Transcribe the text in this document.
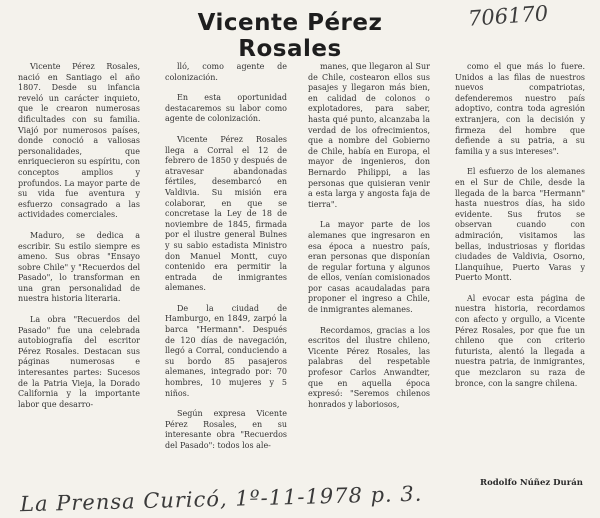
Vicente Pérez Rosales
706170

Vicente Pérez Rosales, nació en Santiago el año 1807. Desde su infancia reveló un carácter inquieto, que le crearon numerosas dificultades con su familia. Viajó por numerosos países, donde conoció a valiosas personalidades, que enriquecieron su espíritu, con conceptos amplios y profundos. La mayor parte de su vida fue aventura y esfuerzo consagrado a las actividades comerciales.

Maduro, se dedica a escribir. Su estilo siempre es ameno. Sus obras "Ensayo sobre Chile" y "Recuerdos del Pasado", lo transforman en una gran personalidad de nuestra historia literaria.

La obra "Recuerdos del Pasado" fue una celebrada autobiografía del escritor Pérez Rosales. Destacan sus páginas numerosas e interesantes partes: Sucesos de la Patria Vieja, la Dorado California y la importante labor que desarro-

lló, como agente de colonización.

En esta oportunidad destacaremos su labor como agente de colonización.

Vicente Pérez Rosales llega a Corral el 12 de febrero de 1850 y después de atravesar abandonadas fértiles, desembarcó en Valdivia. Su misión era colaborar, en que se concretase la Ley de 18 de noviembre de 1845, firmada por el ilustre general Bulnes y su sabio estadista Ministro don Manuel Montt, cuyo contenido era permitir la entrada de inmigrantes alemanes.

De la ciudad de Hamburgo, en 1849, zarpó la barca "Hermann". Después de 120 días de navegación, llegó a Corral, conduciendo a su bordo 85 pasajeros alemanes, integrado por: 70 hombres, 10 mujeres y 5 niños.

Según expresa Vicente Pérez Rosales, en su interesante obra "Recuerdos del Pasado": todos los ale-

manes, que llegaron al Sur de Chile, costearon ellos sus pasajes y llegaron más bien, en calidad de colonos o explotadores, para saber, hasta qué punto, alcanzaba la verdad de los ofrecimientos, que a nombre del Gobierno de Chile, había en Europa, el mayor de ingenieros, don Bernardo Philippi, a las personas que quisieran venir a esta larga y angosta faja de tierra".

La mayor parte de los alemanes que ingresaron en esa época a nuestro país, eran personas que disponían de regular fortuna y algunos de ellos, venían comisionados por casas acaudaladas para proponer el ingreso a Chile, de inmigrantes alemanes.

Recordamos, gracias a los escritos del ilustre chileno, Vicente Pérez Rosales, las palabras del respetable profesor Carlos Anwandter, que en aquella época expresó: "Seremos chilenos honrados y laboriosos,

como el que más lo fuere. Unidos a las filas de nuestros nuevos compatriotas, defenderemos nuestro país adoptivo, contra toda agresión extranjera, con la decisión y firmeza del hombre que defiende a su patria, a su familia y a sus intereses".

El esfuerzo de los alemanes en el Sur de Chile, desde la llegada de la barca "Hermann" hasta nuestros días, ha sido evidente. Sus frutos se observan cuando con admiración, visitamos las bellas, industriosas y floridas ciudades de Valdivia, Osorno, Llanquihue, Puerto Varas y Puerto Montt.

Al evocar esta página de nuestra historia, recordamos con afecto y orgullo, a Vicente Pérez Rosales, por que fue un chileno que con criterio futurista, alentó la llegada a nuestra patria, de inmigrantes, que mezclaron su raza de bronce, con la sangre chilena.

Rodolfo Núñez Durán
La Prensa Curicó, 1º-11-1978 p. 3.
